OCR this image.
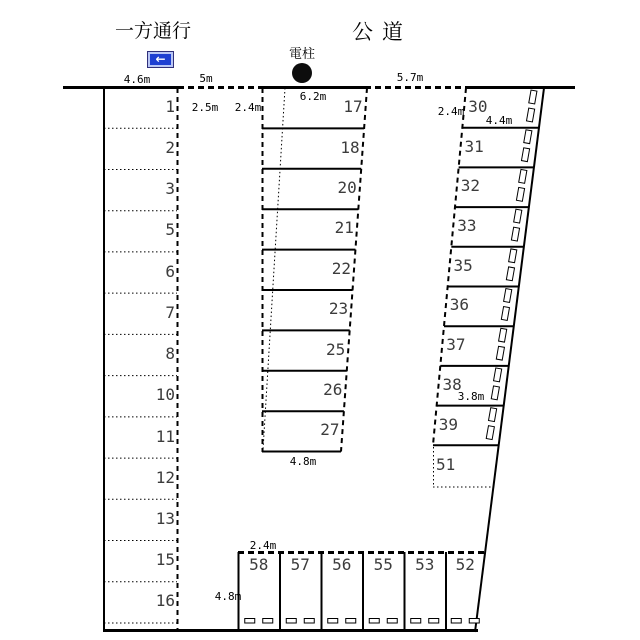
一方通行
←
公道
電柱
4.6m	5m	5.7m
6.2m
2.5m	2.4m	2.4m
4.4m
3.8m
4.8m
2.4m
4.8m
1
2
3
5
6
7
8
10
11
12
13
15
16
17
18
20
21
22
23
25
26
27
30
31
32
33
35
36
37
38
39
51
58	57	56	55	53	52
